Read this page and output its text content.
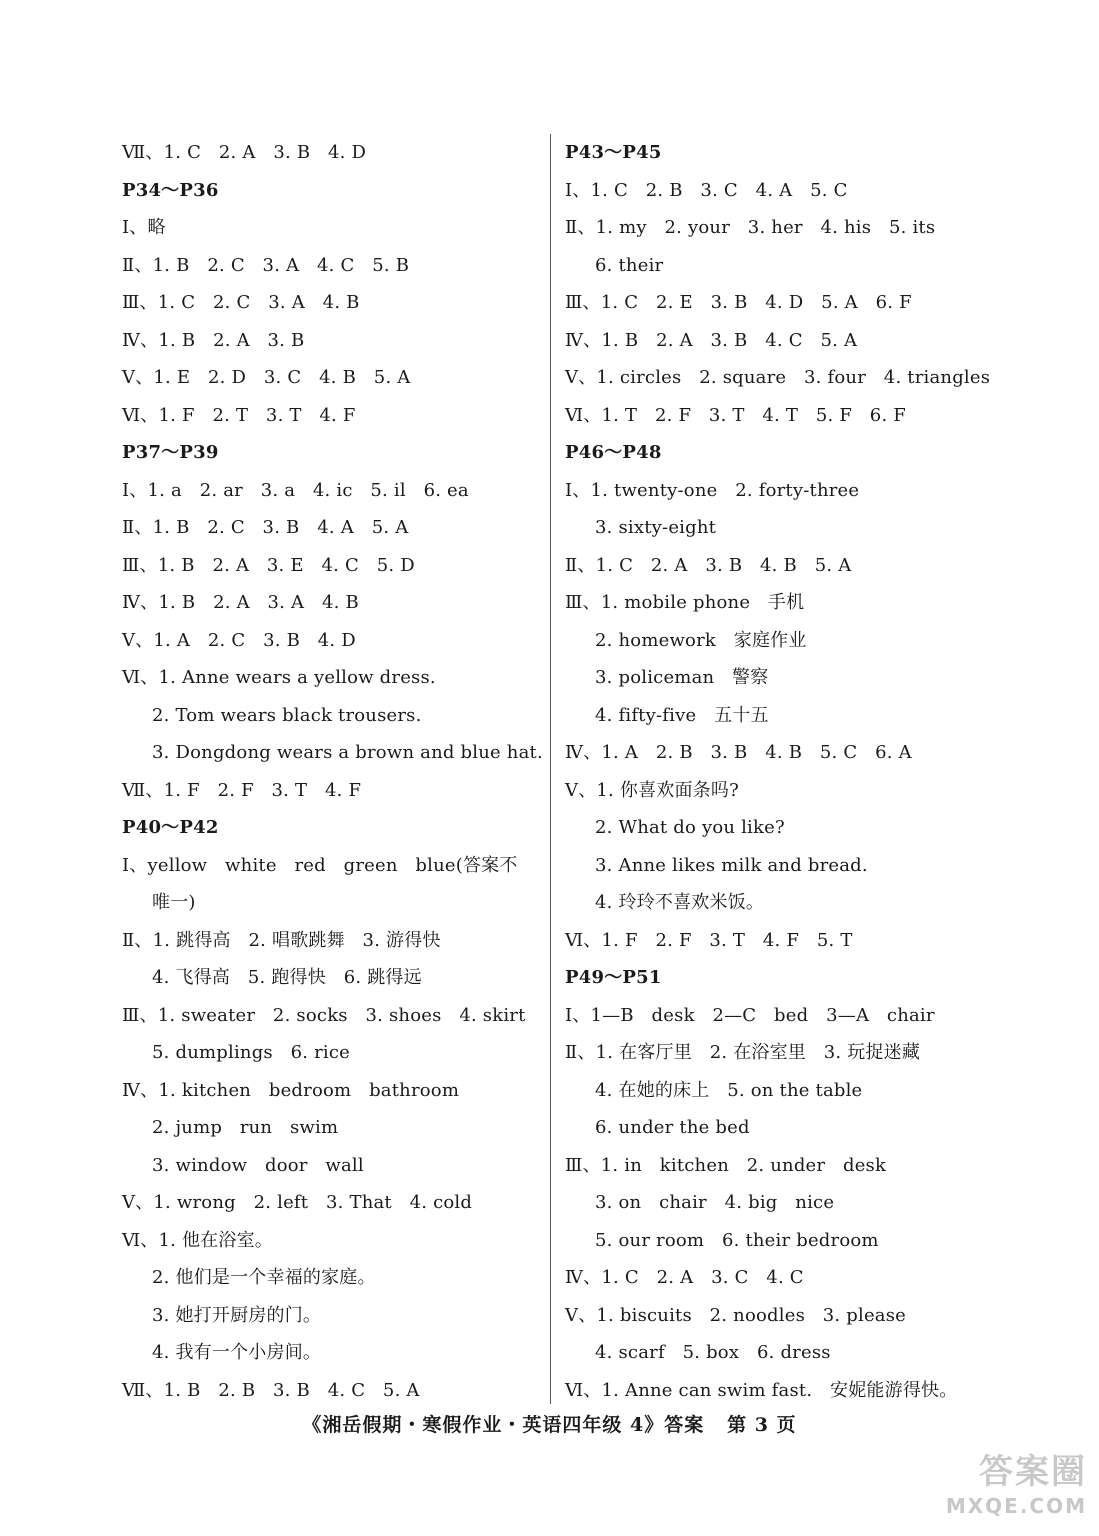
Ⅶ、1. C   2. A   3. B   4. D
P34～P36
Ⅰ、略
Ⅱ、1. B   2. C   3. A   4. C   5. B
Ⅲ、1. C   2. C   3. A   4. B
Ⅳ、1. B   2. A   3. B
Ⅴ、1. E   2. D   3. C   4. B   5. A
Ⅵ、1. F   2. T   3. T   4. F
P37～P39
Ⅰ、1. a   2. ar   3. a   4. ic   5. il   6. ea
Ⅱ、1. B   2. C   3. B   4. A   5. A
Ⅲ、1. B   2. A   3. E   4. C   5. D
Ⅳ、1. B   2. A   3. A   4. B
Ⅴ、1. A   2. C   3. B   4. D
Ⅵ、1. Anne wears a yellow dress.
2. Tom wears black trousers.
3. Dongdong wears a brown and blue hat.
Ⅶ、1. F   2. F   3. T   4. F
P40～P42
Ⅰ、yellow   white   red   green   blue(答案不
唯一)
Ⅱ、1. 跳得高   2. 唱歌跳舞   3. 游得快
4. 飞得高   5. 跑得快   6. 跳得远
Ⅲ、1. sweater   2. socks   3. shoes   4. skirt
5. dumplings   6. rice
Ⅳ、1. kitchen   bedroom   bathroom
2. jump   run   swim
3. window   door   wall
Ⅴ、1. wrong   2. left   3. That   4. cold
Ⅵ、1. 他在浴室。
2. 他们是一个幸福的家庭。
3. 她打开厨房的门。
4. 我有一个小房间。
Ⅶ、1. B   2. B   3. B   4. C   5. A
P43～P45
Ⅰ、1. C   2. B   3. C   4. A   5. C
Ⅱ、1. my   2. your   3. her   4. his   5. its
6. their
Ⅲ、1. C   2. E   3. B   4. D   5. A   6. F
Ⅳ、1. B   2. A   3. B   4. C   5. A
Ⅴ、1. circles   2. square   3. four   4. triangles
Ⅵ、1. T   2. F   3. T   4. T   5. F   6. F
P46～P48
Ⅰ、1. twenty-one   2. forty-three
3. sixty-eight
Ⅱ、1. C   2. A   3. B   4. B   5. A
Ⅲ、1. mobile phone   手机
2. homework   家庭作业
3. policeman   警察
4. fifty-five   五十五
Ⅳ、1. A   2. B   3. B   4. B   5. C   6. A
Ⅴ、1. 你喜欢面条吗?
2. What do you like?
3. Anne likes milk and bread.
4. 玲玲不喜欢米饭。
Ⅵ、1. F   2. F   3. T   4. F   5. T
P49～P51
Ⅰ、1—B   desk   2—C   bed   3—A   chair
Ⅱ、1. 在客厅里   2. 在浴室里   3. 玩捉迷藏
4. 在她的床上   5. on the table
6. under the bed
Ⅲ、1. in   kitchen   2. under   desk
3. on   chair   4. big   nice
5. our room   6. their bedroom
Ⅳ、1. C   2. A   3. C   4. C
Ⅴ、1. biscuits   2. noodles   3. please
4. scarf   5. box   6. dress
Ⅵ、1. Anne can swim fast.   安妮能游得快。
《湘岳假期・寒假作业・英语四年级 4》答案   第 3 页
答案圈
MXQE.COM
